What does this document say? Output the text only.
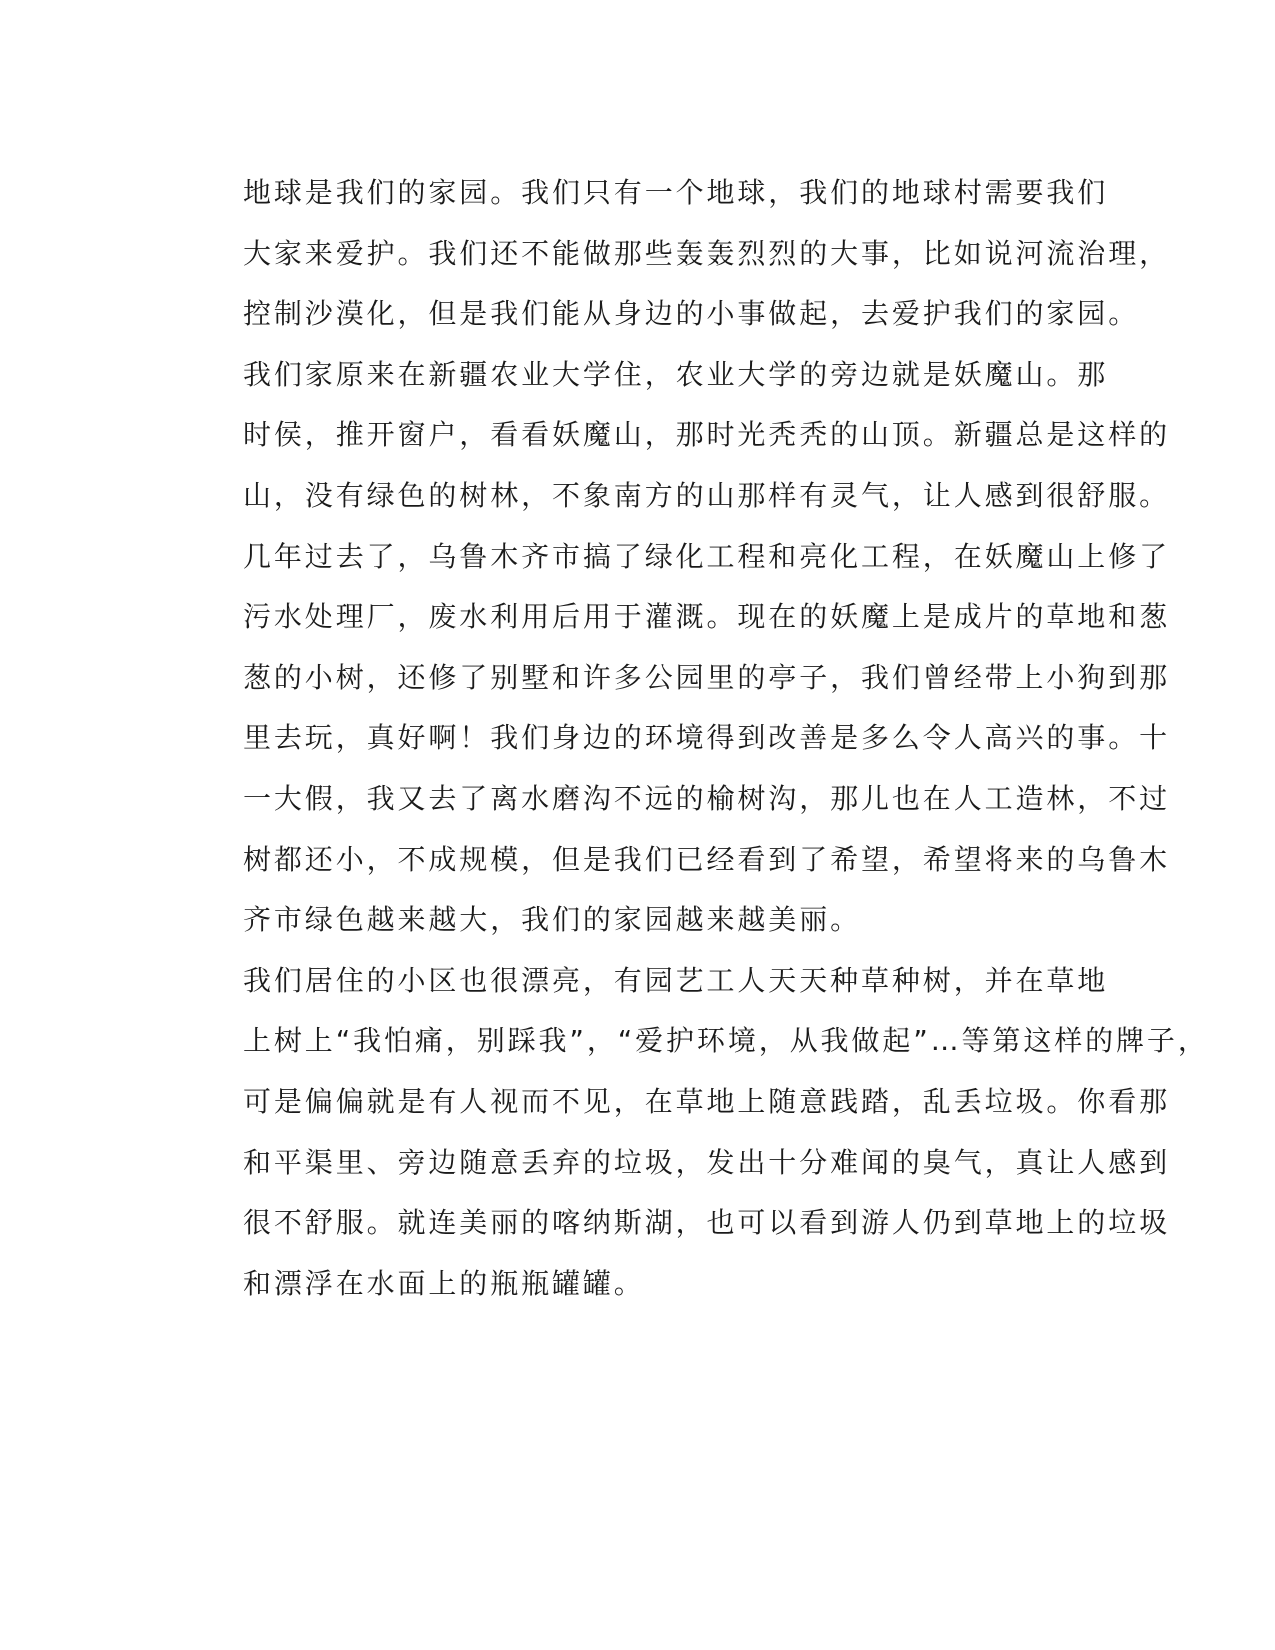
地球是我们的家园。我们只有一个地球，我们的地球村需要我们
大家来爱护。我们还不能做那些轰轰烈烈的大事，比如说河流治理，
控制沙漠化，但是我们能从身边的小事做起，去爱护我们的家园。

我们家原来在新疆农业大学住，农业大学的旁边就是妖魔山。那
时侯，推开窗户，看看妖魔山，那时光秃秃的山顶。新疆总是这样的
山，没有绿色的树林，不象南方的山那样有灵气，让人感到很舒服。
几年过去了，乌鲁木齐市搞了绿化工程和亮化工程，在妖魔山上修了
污水处理厂，废水利用后用于灌溉。现在的妖魔上是成片的草地和葱
葱的小树，还修了别墅和许多公园里的亭子，我们曾经带上小狗到那
里去玩，真好啊！我们身边的环境得到改善是多么令人高兴的事。十
一大假，我又去了离水磨沟不远的榆树沟，那儿也在人工造林，不过
树都还小，不成规模，但是我们已经看到了希望，希望将来的乌鲁木
齐市绿色越来越大，我们的家园越来越美丽。

我们居住的小区也很漂亮，有园艺工人天天种草种树，并在草地
上树上“我怕痛，别踩我”，“爱护环境，从我做起”…等第这样的牌子，
可是偏偏就是有人视而不见，在草地上随意践踏，乱丢垃圾。你看那
和平渠里、旁边随意丢弃的垃圾，发出十分难闻的臭气，真让人感到
很不舒服。就连美丽的喀纳斯湖，也可以看到游人仍到草地上的垃圾
和漂浮在水面上的瓶瓶罐罐。
